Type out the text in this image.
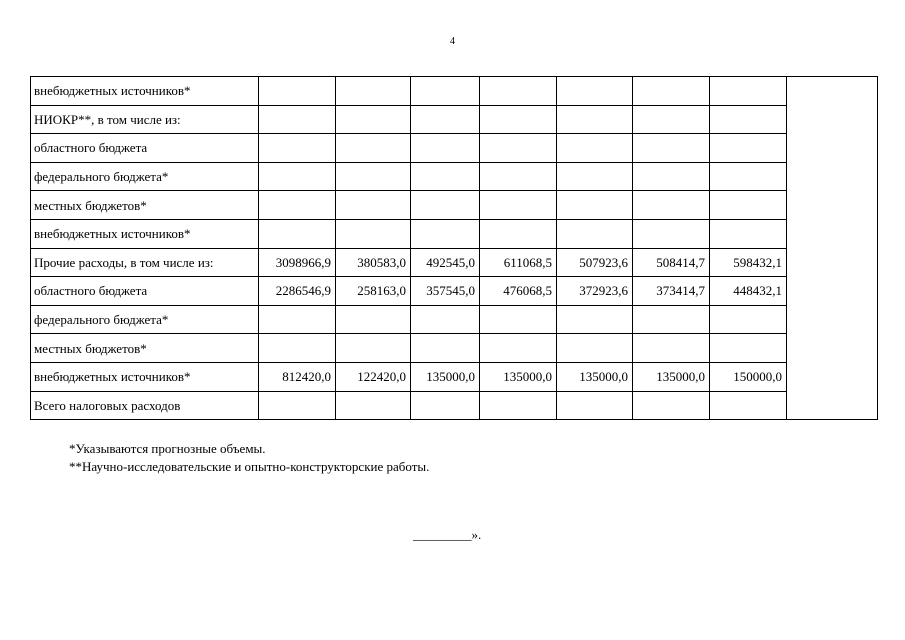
4
внебюджетных источников*								
НИОКР**, в том числе из:								
областного бюджета								
федерального бюджета*								
местных бюджетов*								
внебюджетных источников*								
Прочие расходы, в том числе из:	3098966,9	380583,0	492545,0	611068,5	507923,6	508414,7	598432,1	
областного бюджета	2286546,9	258163,0	357545,0	476068,5	372923,6	373414,7	448432,1	
федерального бюджета*								
местных бюджетов*								
внебюджетных источников*	812420,0	122420,0	135000,0	135000,0	135000,0	135000,0	150000,0	
Всего налоговых расходов								
*Указываются прогнозные объемы.
**Научно-исследовательские и опытно-конструкторские работы.
_________».
